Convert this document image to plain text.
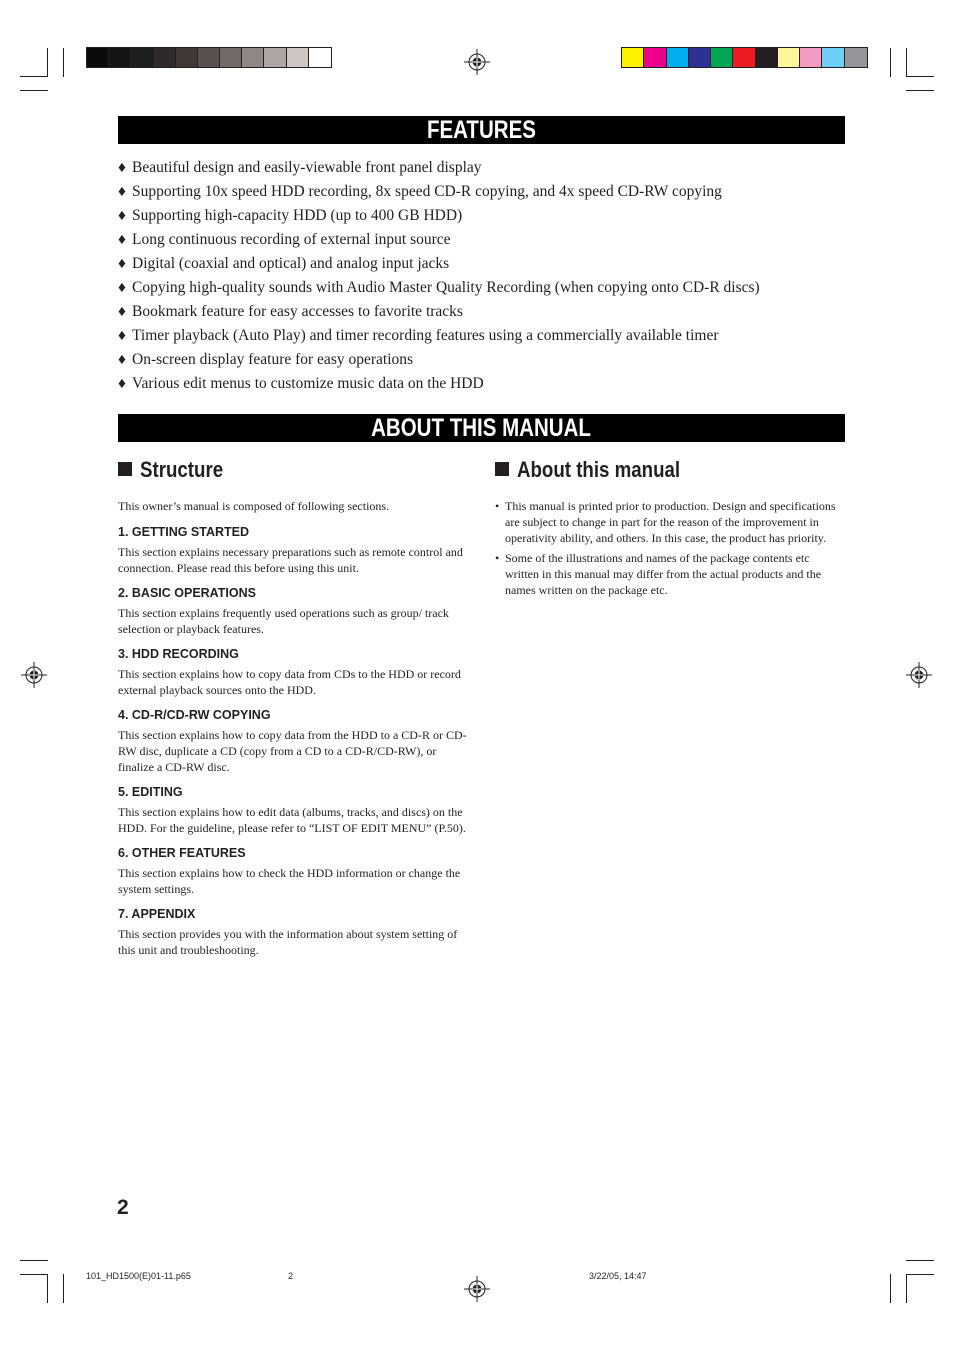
FEATURES
♦ Beautiful design and easily-viewable front panel display
♦ Supporting 10x speed HDD recording, 8x speed CD-R copying, and 4x speed CD-RW copying
♦ Supporting high-capacity HDD (up to 400 GB HDD)
♦ Long continuous recording of external input source
♦ Digital (coaxial and optical) and analog input jacks
♦ Copying high-quality sounds with Audio Master Quality Recording (when copying onto CD-R discs)
♦ Bookmark feature for easy accesses to favorite tracks
♦ Timer playback (Auto Play) and timer recording features using a commercially available timer
♦ On-screen display feature for easy operations
♦ Various edit menus to customize music data on the HDD
ABOUT THIS MANUAL
Structure	About this manual

This owner’s manual is composed of following sections.

1. GETTING STARTED

This section explains necessary preparations such as remote control and connection. Please read this before using this unit.

2. BASIC OPERATIONS

This section explains frequently used operations such as group/ track selection or playback features.

3. HDD RECORDING

This section explains how to copy data from CDs to the HDD or record external playback sources onto the HDD.

4. CD-R/CD-RW COPYING

This section explains how to copy data from the HDD to a CD-R or CD-RW disc, duplicate a CD (copy from a CD to a CD-R/CD-RW), or finalize a CD-RW disc.

5. EDITING

This section explains how to edit data (albums, tracks, and discs) on the HDD. For the guideline, please refer to “LIST OF EDIT MENU” (P.50).

6. OTHER FEATURES

This section explains how to check the HDD information or change the system settings.

7. APPENDIX

This section provides you with the information about system setting of this unit and troubleshooting.

• This manual is printed prior to production. Design and specifications are subject to change in part for the reason of the improvement in operativity ability, and others. In this case, the product has priority.
• Some of the illustrations and names of the package contents etc written in this manual may differ from the actual products and the names written on the package etc.
2
101_HD1500(E)01-11.p65	2	3/22/05, 14:47
